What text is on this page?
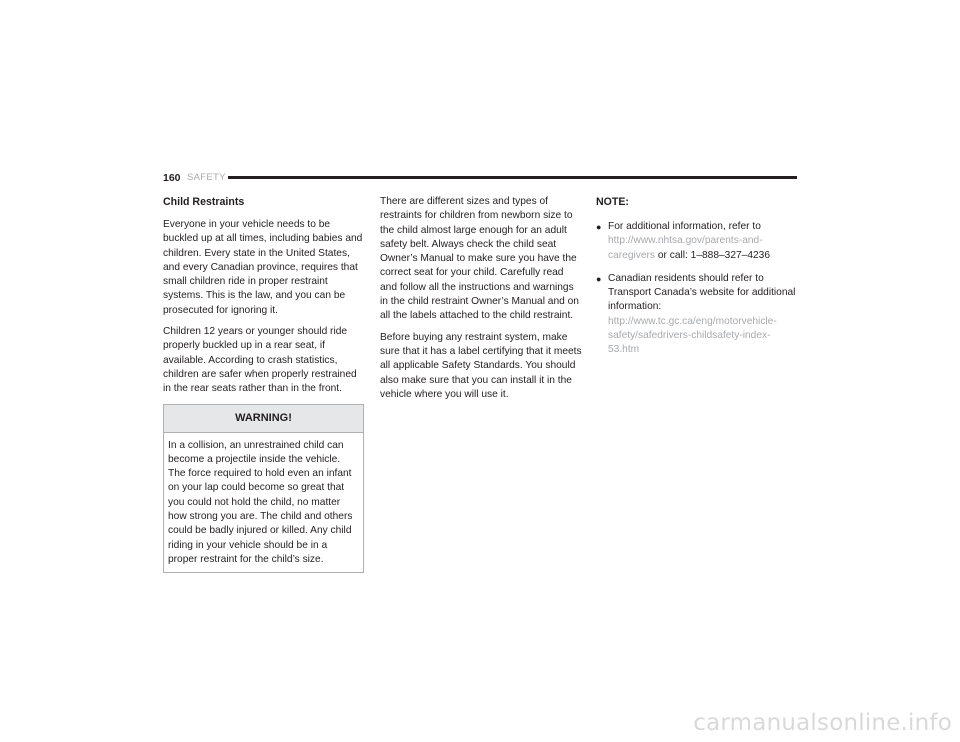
160 SAFETY
Child Restraints

Everyone in your vehicle needs to be buckled up at all times, including babies and children. Every state in the United States, and every Canadian province, requires that small children ride in proper restraint systems. This is the law, and you can be prosecuted for ignoring it.

Children 12 years or younger should ride properly buckled up in a rear seat, if available. According to crash statistics, children are safer when properly restrained in the rear seats rather than in the front.

WARNING!
In a collision, an unrestrained child can become a projectile inside the vehicle. The force required to hold even an infant on your lap could become so great that you could not hold the child, no matter how strong you are. The child and others could be badly injured or killed. Any child riding in your vehicle should be in a proper restraint for the child’s size.

There are different sizes and types of restraints for children from newborn size to the child almost large enough for an adult safety belt. Always check the child seat Owner’s Manual to make sure you have the correct seat for your child. Carefully read and follow all the instructions and warnings in the child restraint Owner’s Manual and on all the labels attached to the child restraint.

Before buying any restraint system, make sure that it has a label certifying that it meets all applicable Safety Standards. You should also make sure that you can install it in the vehicle where you will use it.

NOTE:
● For additional information, refer to http://www.nhtsa.gov/parents-and-caregivers or call: 1–888–327–4236
● Canadian residents should refer to Transport Canada’s website for additional information: http://www.tc.gc.ca/eng/motorvehicle-safety/safedrivers-childsafety-index-53.htm
carmanualsonline.info
